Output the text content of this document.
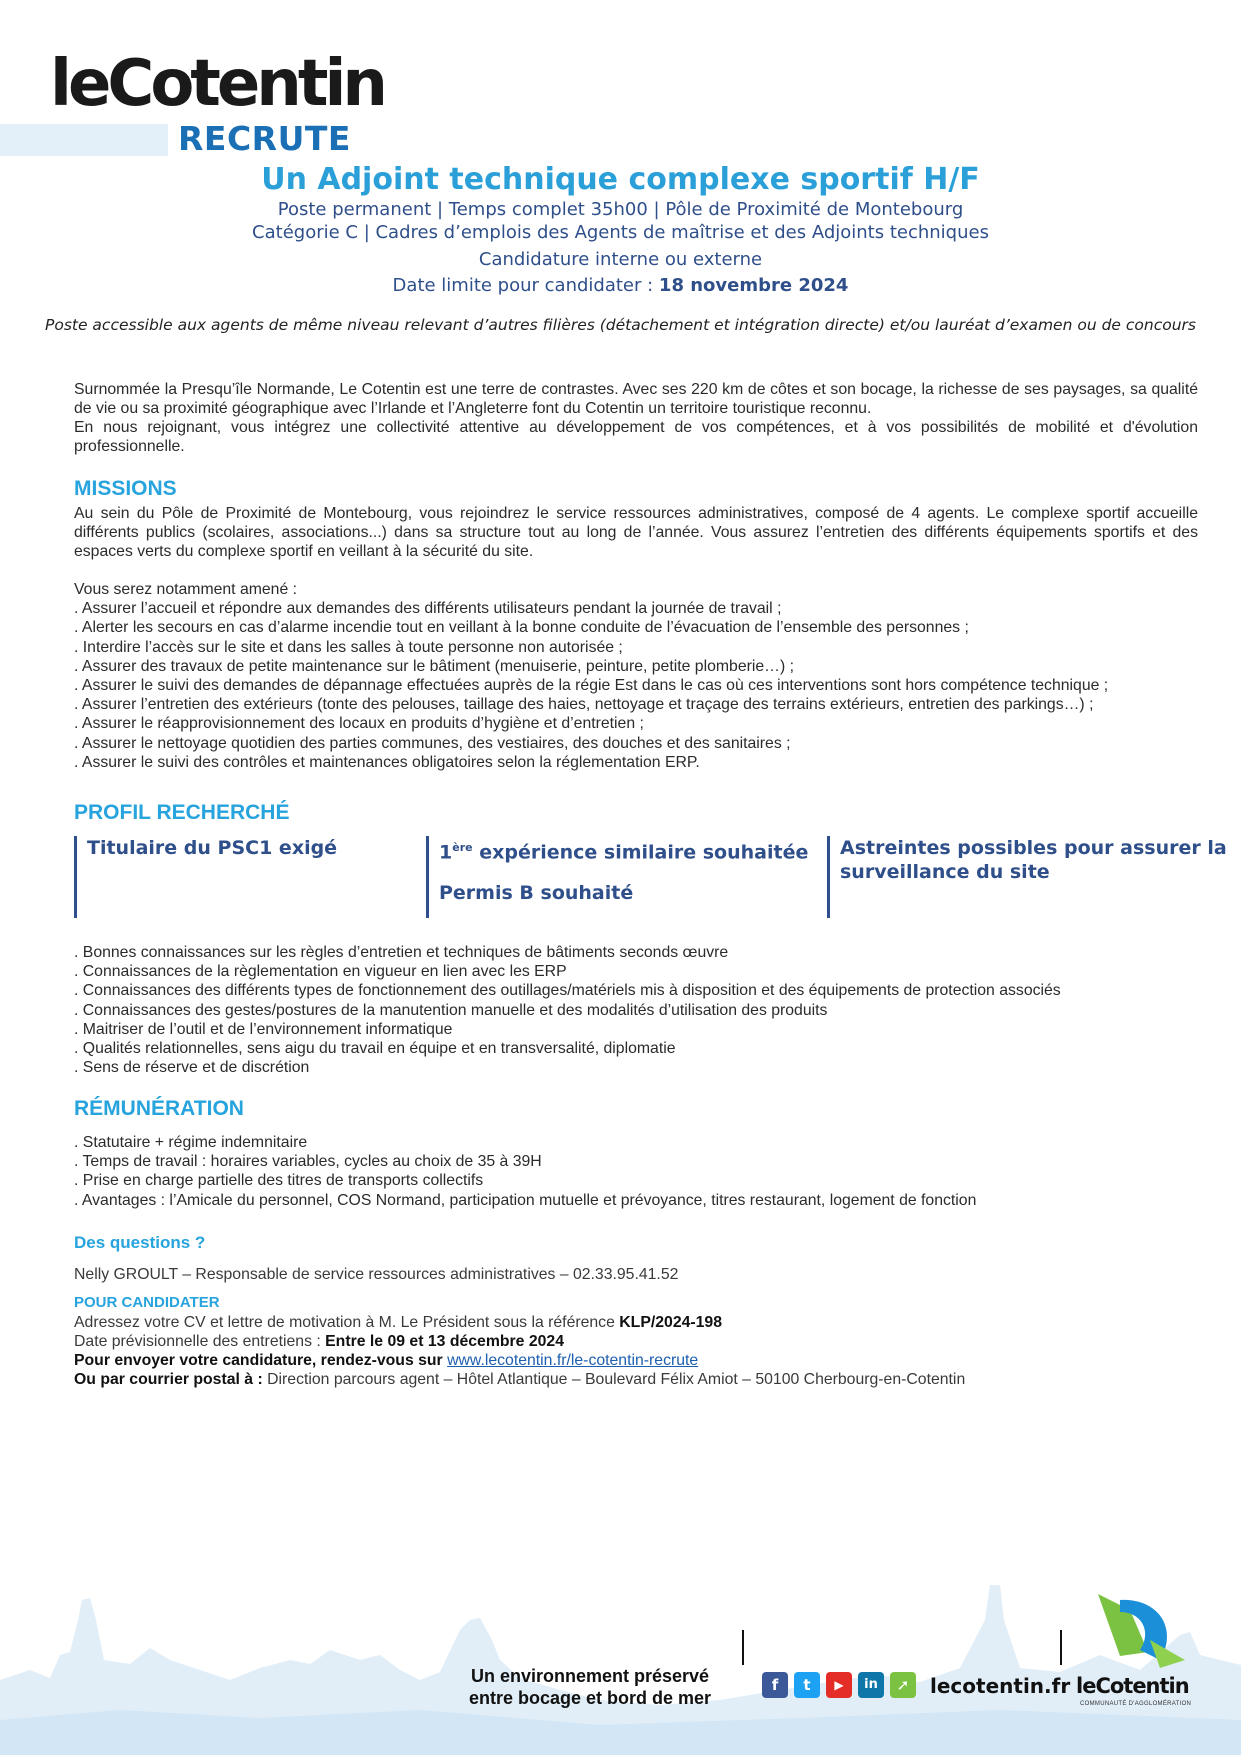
leCotentin
RECRUTE
Un Adjoint technique complexe sportif H/F
Poste permanent | Temps complet 35h00 | Pôle de Proximité de Montebourg
Catégorie C | Cadres d’emplois des Agents de maîtrise et des Adjoints techniques
Candidature interne ou externe
Date limite pour candidater : 18 novembre 2024
Poste accessible aux agents de même niveau relevant d’autres filières (détachement et intégration directe) et/ou lauréat d’examen ou de concours
Surnommée la Presqu’île Normande, Le Cotentin est une terre de contrastes. Avec ses 220 km de côtes et son bocage, la richesse de ses paysages, sa qualité de vie ou sa proximité géographique avec l’Irlande et l’Angleterre font du Cotentin un territoire touristique reconnu.
En nous rejoignant, vous intégrez une collectivité attentive au développement de vos compétences, et à vos possibilités de mobilité et d'évolution professionnelle.
MISSIONS
Au sein du Pôle de Proximité de Montebourg, vous rejoindrez le service ressources administratives, composé de 4 agents. Le complexe sportif accueille différents publics (scolaires, associations...) dans sa structure tout au long de l’année. Vous assurez l’entretien des différents équipements sportifs et des espaces verts du complexe sportif en veillant à la sécurité du site.
Vous serez notamment amené :
. Assurer l’accueil et répondre aux demandes des différents utilisateurs pendant la journée de travail ;
. Alerter les secours en cas d’alarme incendie tout en veillant à la bonne conduite de l’évacuation de l’ensemble des personnes ;
. Interdire l’accès sur le site et dans les salles à toute personne non autorisée ;
. Assurer des travaux de petite maintenance sur le bâtiment (menuiserie, peinture, petite plomberie…) ;
. Assurer le suivi des demandes de dépannage effectuées auprès de la régie Est dans le cas où ces interventions sont hors compétence technique ;
. Assurer l’entretien des extérieurs (tonte des pelouses, taillage des haies, nettoyage et traçage des terrains extérieurs, entretien des parkings…) ;
. Assurer le réapprovisionnement des locaux en produits d’hygiène et d’entretien ;
. Assurer le nettoyage quotidien des parties communes, des vestiaires, des douches et des sanitaires ;
. Assurer le suivi des contrôles et maintenances obligatoires selon la réglementation ERP.
PROFIL RECHERCHÉ
Titulaire du PSC1 exigé	1ère expérience similaire souhaitée
Permis B souhaité
Astreintes possibles pour assurer la surveillance du site
. Bonnes connaissances sur les règles d’entretien et techniques de bâtiments seconds œuvre
. Connaissances de la règlementation en vigueur en lien avec les ERP
. Connaissances des différents types de fonctionnement des outillages/matériels mis à disposition et des équipements de protection associés
. Connaissances des gestes/postures de la manutention manuelle et des modalités d’utilisation des produits
. Maitriser de l’outil et de l’environnement informatique
. Qualités relationnelles, sens aigu du travail en équipe et en transversalité, diplomatie
. Sens de réserve et de discrétion
RÉMUNÉRATION
. Statutaire + régime indemnitaire
. Temps de travail : horaires variables, cycles au choix de 35 à 39H
. Prise en charge partielle des titres de transports collectifs
. Avantages : l’Amicale du personnel, COS Normand, participation mutuelle et prévoyance, titres restaurant, logement de fonction
Des questions ?
Nelly GROULT – Responsable de service ressources administratives – 02.33.95.41.52
POUR CANDIDATER
Adressez votre CV et lettre de motivation à M. Le Président sous la référence KLP/2024-198
Date prévisionnelle des entretiens : Entre le 09 et 13 décembre 2024
Pour envoyer votre candidature, rendez-vous sur www.lecotentin.fr/le-cotentin-recrute
Ou par courrier postal à : Direction parcours agent – Hôtel Atlantique – Boulevard Félix Amiot – 50100 Cherbourg-en-Cotentin
Un environnement préservé
entre bocage et bord de mer
f	t	▶	in	➚	lecotentin.fr leCotentin
COMMUNAUTÉ D'AGGLOMÉRATION
